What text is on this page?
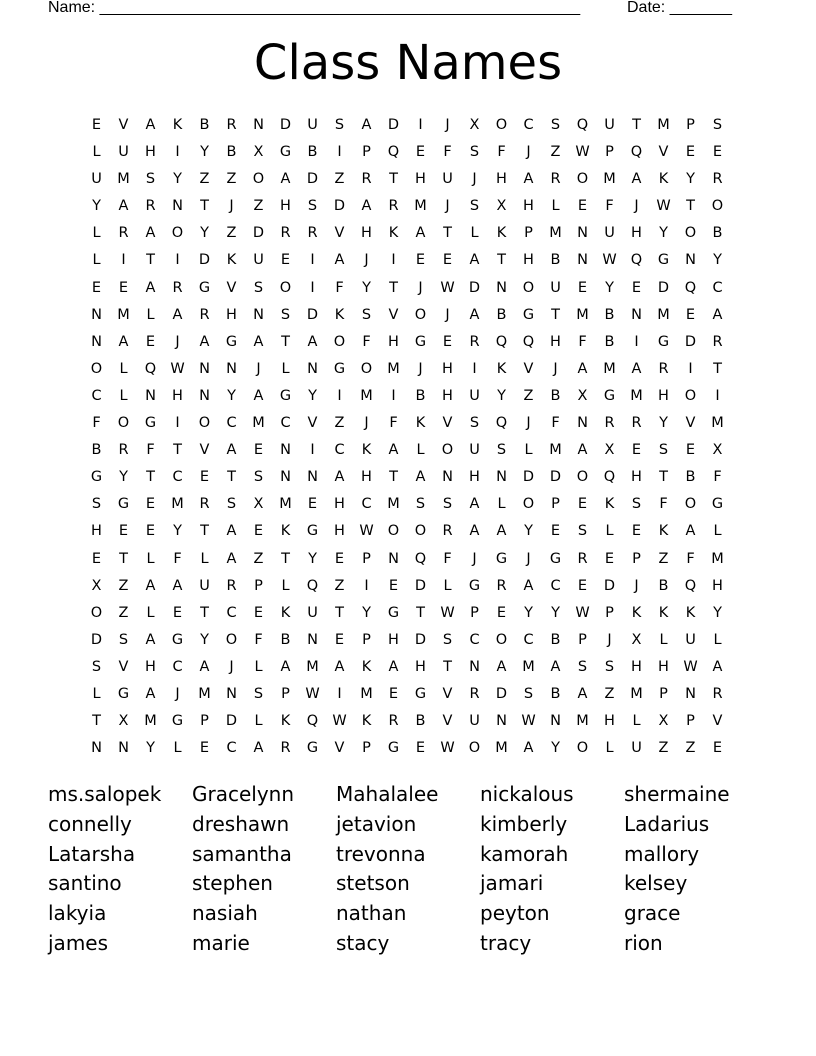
Name: ______________________________________________________	Date: _______
Class Names
E	V	A	K	B	R	N	D	U	S	A	D	I	J	X	O	C	S	Q	U	T	M	P	S
L	U	H	I	Y	B	X	G	B	I	P	Q	E	F	S	F	J	Z	W	P	Q	V	E	E
U	M	S	Y	Z	Z	O	A	D	Z	R	T	H	U	J	H	A	R	O	M	A	K	Y	R
Y	A	R	N	T	J	Z	H	S	D	A	R	M	J	S	X	H	L	E	F	J	W	T	O
L	R	A	O	Y	Z	D	R	R	V	H	K	A	T	L	K	P	M	N	U	H	Y	O	B
L	I	T	I	D	K	U	E	I	A	J	I	E	E	A	T	H	B	N W Q	G	N	Y
E	E	A	R	G	V	S	O	I	F	Y	T	J	W D	N	O	U	E	Y	E	D	Q	C
N	M	L	A	R	H	N	S	D	K	S	V	O	J	A	B	G	T	M	B	N	M	E	A
N	A	E	J	A	G	A	T	A	O	F	H	G	E	R	Q	Q	H	F	B	I	G	D	R
O	L	Q W N	N	J	L	N	G	O	M	J	H	I	K	V	J	A	M	A	R	I	T
C	L	N	H	N	Y	A	G	Y	I	M	I	B	H	U	Y	Z	B	X	G	M	H	O	I
F	O	G	I	O	C	M	C	V	Z	J	F	K	V	S	Q	J	F	N	R	R	Y	V	M
B	R	F	T	V	A	E	N	I	C	K	A	L	O	U	S	L	M	A	X	E	S	E	X
G	Y	T	C	E	T	S	N	N	A	H	T	A	N	H	N	D	D	O	Q	H	T	B	F
S	G	E	M	R	S	X	M	E	H	C	M	S	S	A	L	O	P	E	K	S	F	O	G
H	E	E	Y	T	A	E	K	G	H W O	O	R	A	A	Y	E	S	L	E	K	A	L
E	T	L	F	L	A	Z	T	Y	E	P	N	Q	F	J	G	J	G	R	E	P	Z	F	M
X	Z	A	A	U	R	P	L	Q	Z	I	E	D	L	G	R	A	C	E	D	J	B	Q	H
O	Z	L	E	T	C	E	K	U	T	Y	G	T	W	P	E	Y	Y	W	P	K	K	K	Y
D	S	A	G	Y	O	F	B	N	E	P	H	D	S	C	O	C	B	P	J	X	L	U	L
S	V	H	C	A	J	L	A	M	A	K	A	H	T	N	A	M	A	S	S	H	H W	A
L	G	A	J	M	N	S	P	W	I	M	E	G	V	R	D	S	B	A	Z	M	P	N	R
T	X	M	G	P	D	L	K	Q W	K	R	B	V	U	N W N	M	H	L	X	P	V
N	N	Y	L	E	C	A	R	G	V	P	G	E	W O	M	A	Y	O	L	U	Z	Z	E
ms.salopek	Gracelynn	Mahalalee	nickalous	shermaine
connelly	dreshawn	jetavion	kimberly	Ladarius
Latarsha	samantha	trevonna	kamorah	mallory
santino	stephen	stetson	jamari	kelsey
lakyia	nasiah	nathan	peyton	grace
james	marie	stacy	tracy	rion
